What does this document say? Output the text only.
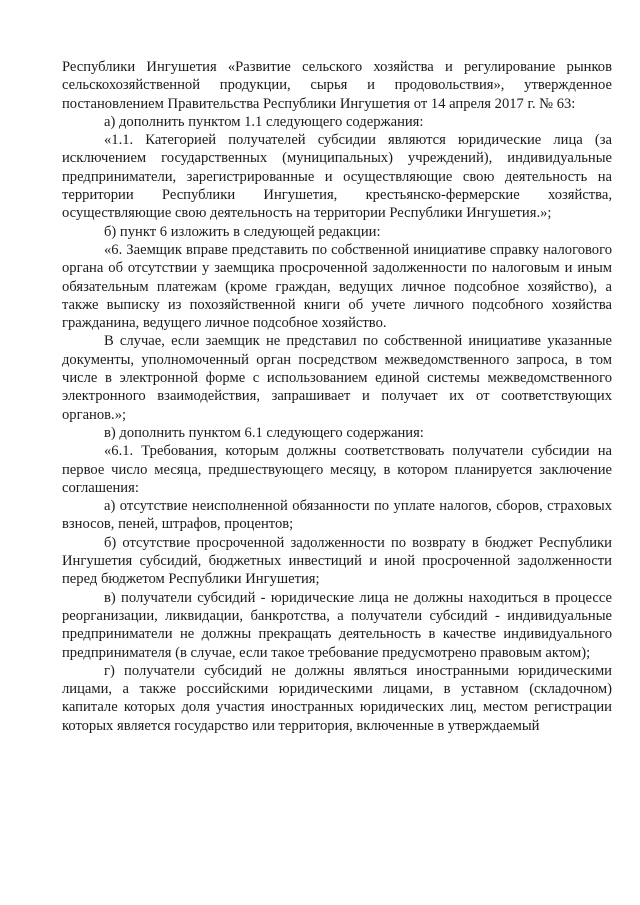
Республики Ингушетия «Развитие сельского хозяйства и регулирование рынков сельскохозяйственной продукции, сырья и продовольствия», утвержденное постановлением Правительства Республики Ингушетия от 14 апреля 2017 г. № 63:

а) дополнить пунктом 1.1 следующего содержания:

«1.1. Категорией получателей субсидии являются юридические лица (за исключением государственных (муниципальных) учреждений), индивидуальные предприниматели, зарегистрированные и осуществляющие свою деятельность на территории Республики Ингушетия, крестьянско-фермерские хозяйства, осуществляющие свою деятельность на территории Республики Ингушетия.»;

б) пункт 6 изложить в следующей редакции:

«6. Заемщик вправе представить по собственной инициативе справку налогового органа об отсутствии у заемщика просроченной задолженности по налоговым и иным обязательным платежам (кроме граждан, ведущих личное подсобное хозяйство), а также выписку из похозяйственной книги об учете личного подсобного хозяйства гражданина, ведущего личное подсобное хозяйство.

В случае, если заемщик не представил по собственной инициативе указанные документы, уполномоченный орган посредством межведомственного запроса, в том числе в электронной форме с использованием единой системы межведомственного электронного взаимодействия, запрашивает и получает их от соответствующих органов.»;

в) дополнить пунктом 6.1 следующего содержания:

«6.1. Требования, которым должны соответствовать получатели субсидии на первое число месяца, предшествующего месяцу, в котором планируется заключение соглашения:

а) отсутствие неисполненной обязанности по уплате налогов, сборов, страховых взносов, пеней, штрафов, процентов;

б) отсутствие просроченной задолженности по возврату в бюджет Республики Ингушетия субсидий, бюджетных инвестиций и иной просроченной задолженности перед бюджетом Республики Ингушетия;

в) получатели субсидий - юридические лица не должны находиться в процессе реорганизации, ликвидации, банкротства, а получатели субсидий - индивидуальные предприниматели не должны прекращать деятельность в качестве индивидуального предпринимателя (в случае, если такое требование предусмотрено правовым актом);

г) получатели субсидий не должны являться иностранными юридическими лицами, а также российскими юридическими лицами, в уставном (складочном) капитале которых доля участия иностранных юридических лиц, местом регистрации которых является государство или территория, включенные в утверждаемый
